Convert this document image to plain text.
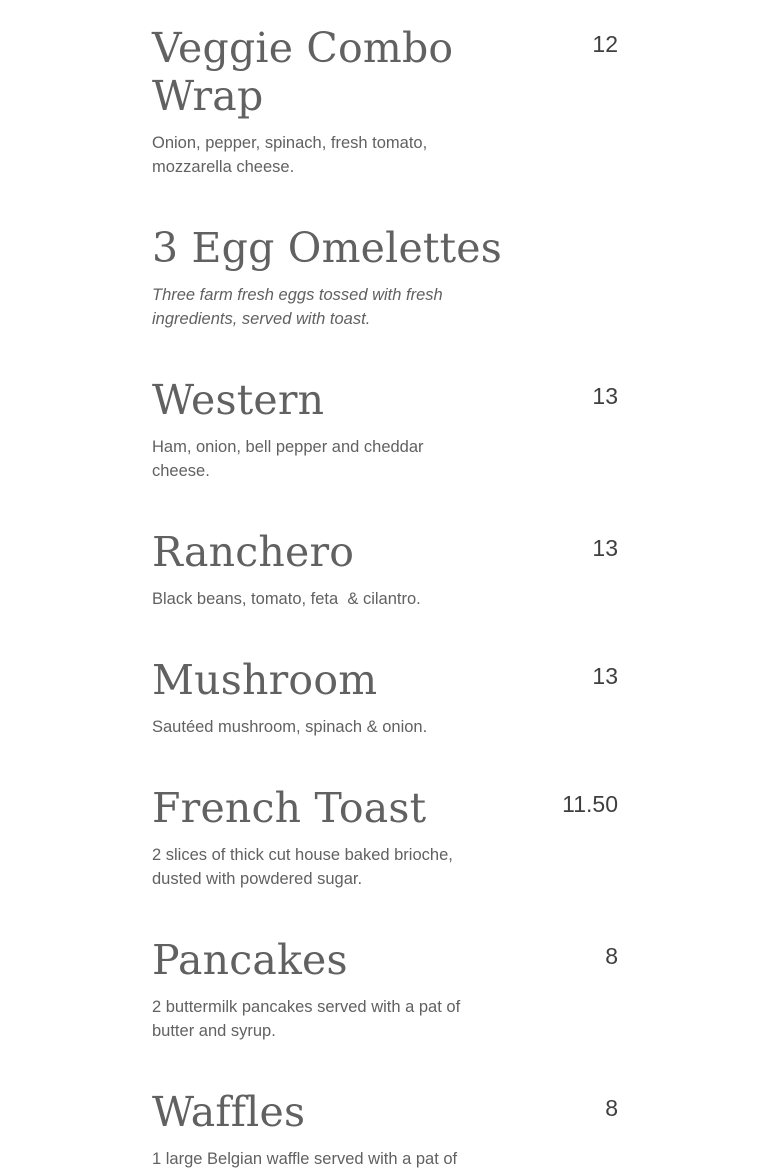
Veggie Combo Wrap

Onion, pepper, spinach, fresh tomato, mozzarella cheese.

12
3 Egg Omelettes

Three farm fresh eggs tossed with fresh ingredients, served with toast.

Western

Ham, onion, bell pepper and cheddar cheese.

13
Ranchero

Black beans, tomato, feta  & cilantro.

13
Mushroom

Sautéed mushroom, spinach & onion.

13
French Toast

2 slices of thick cut house baked brioche, dusted with powdered sugar.

11.50
Pancakes

2 buttermilk pancakes served with a pat of butter and syrup.

8
Waffles

1 large Belgian waffle served with a pat of

8
